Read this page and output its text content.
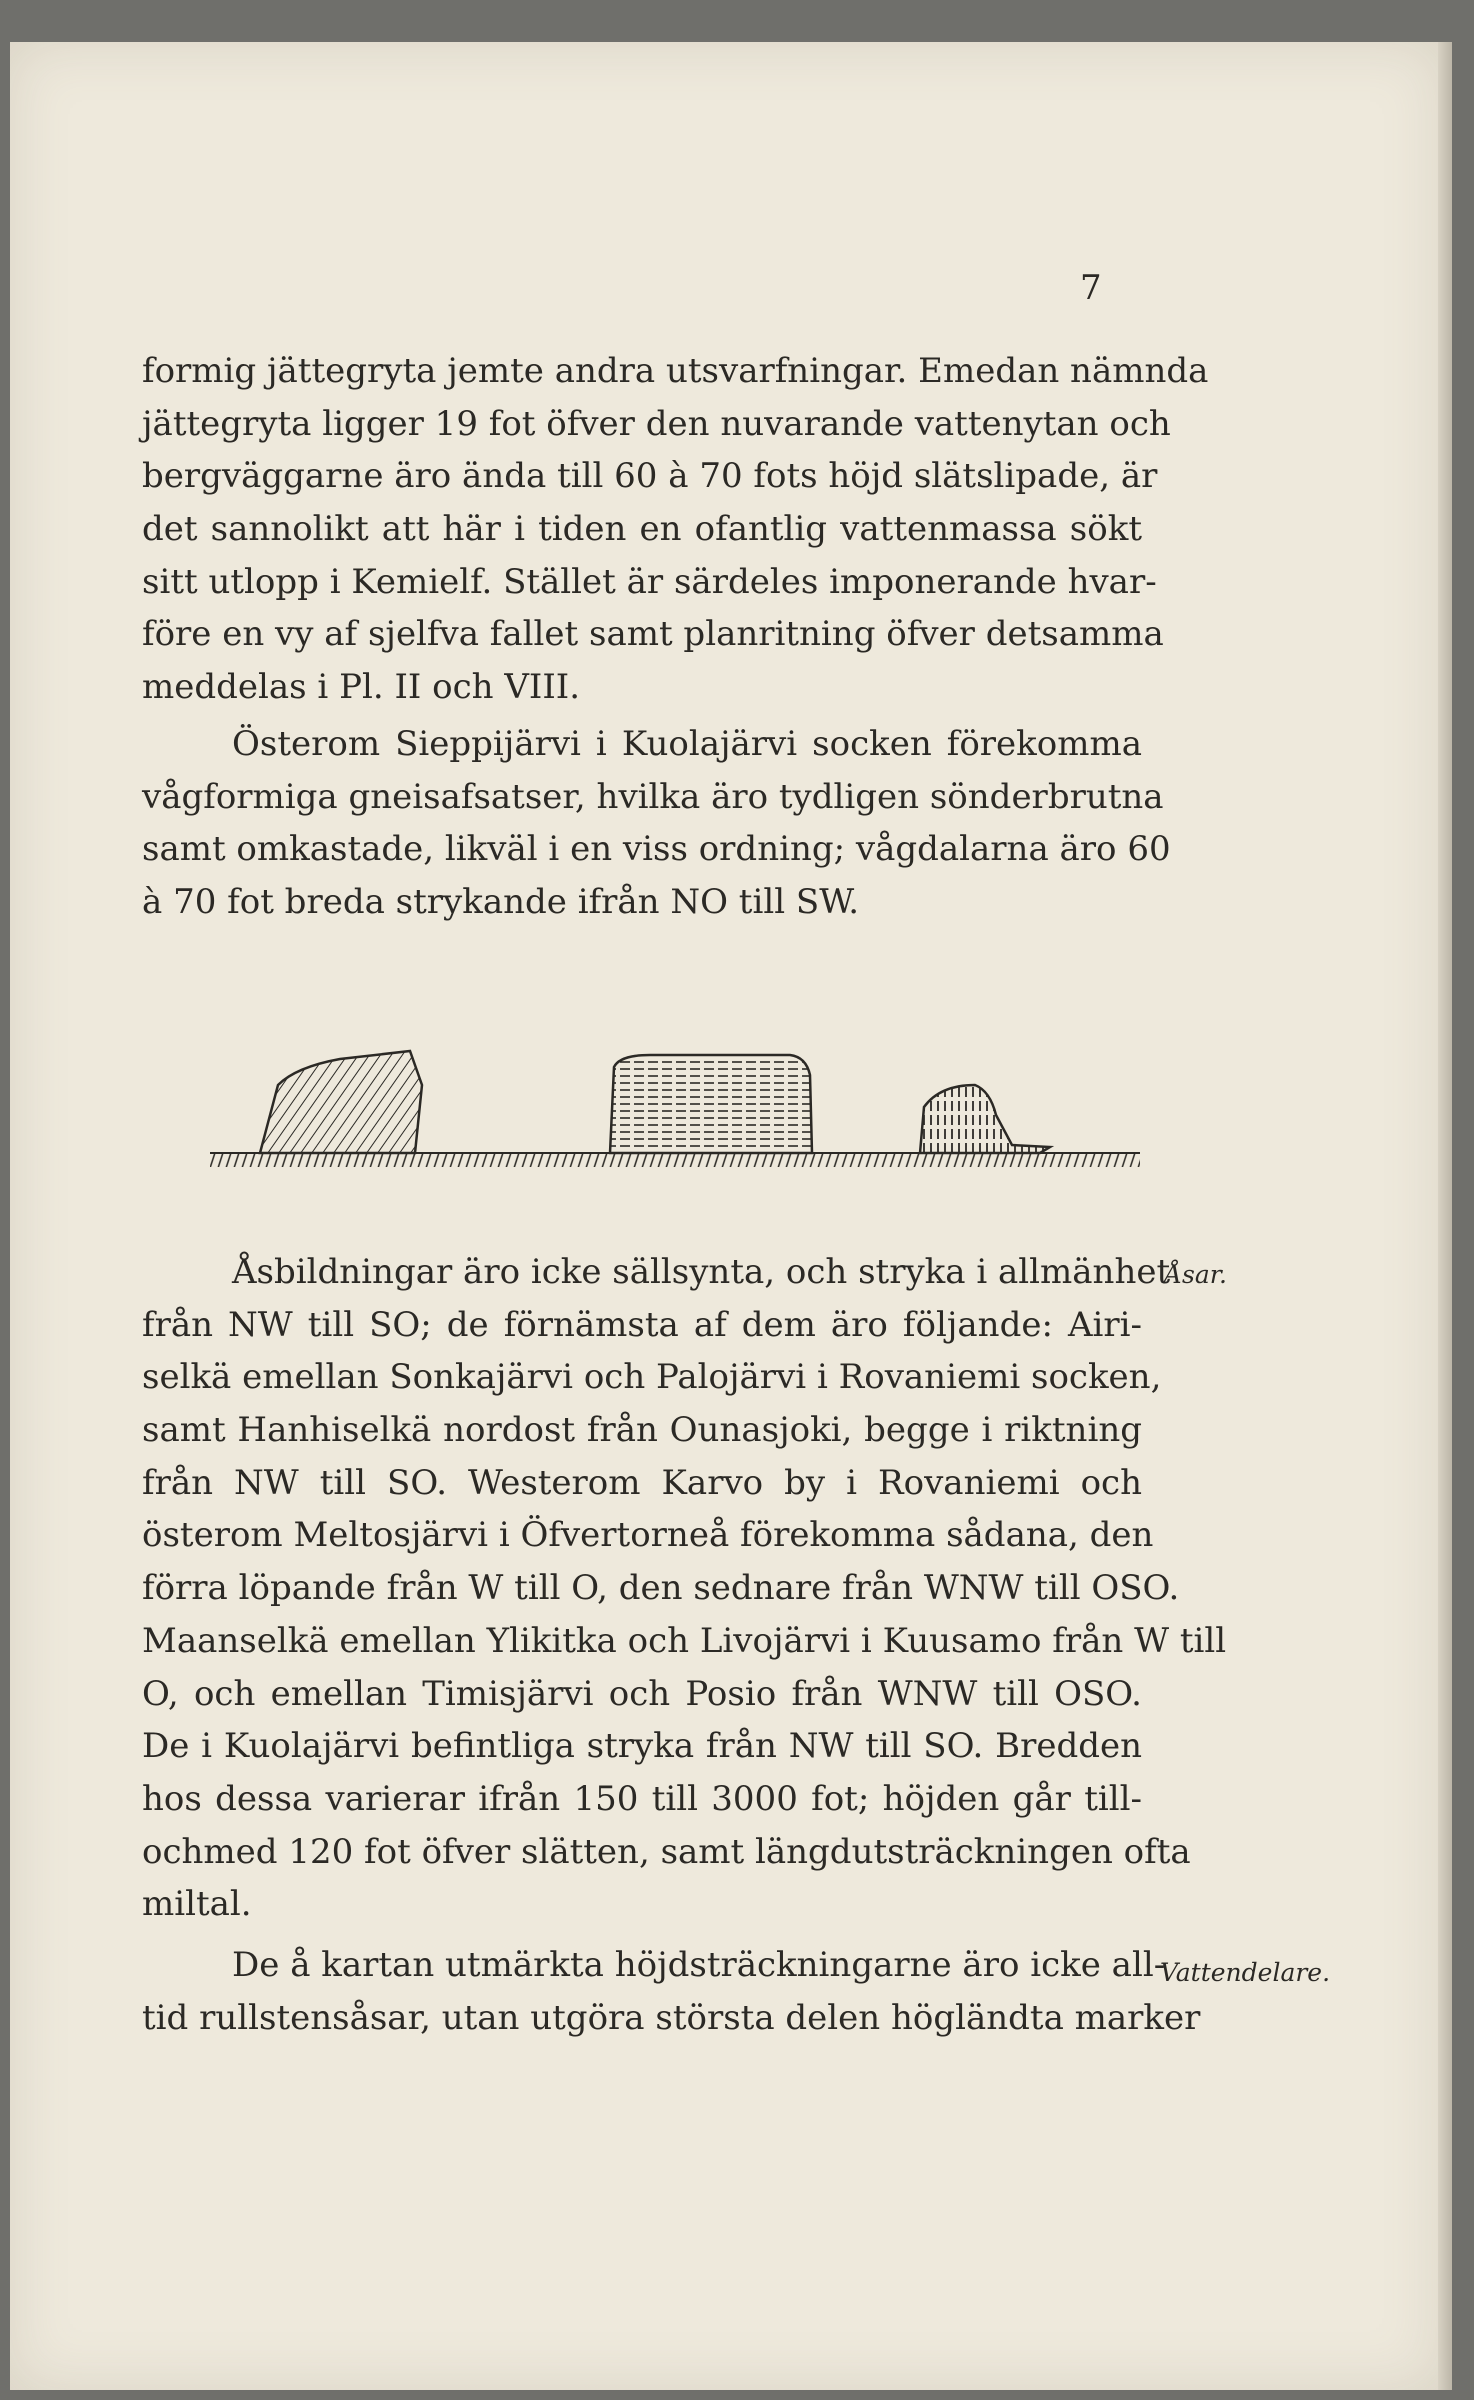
7
formig jättegryta jemte andra utsvarfningar. Emedan nämnda
jättegryta ligger 19 fot öfver den nuvarande vattenytan och
bergväggarne äro ända till 60 à 70 fots höjd slätslipade, är
det sannolikt att här i tiden en ofantlig vattenmassa sökt
sitt utlopp i Kemielf. Stället är särdeles imponerande hvar-
före en vy af sjelfva fallet samt planritning öfver detsamma
meddelas i Pl. II och VIII.
Österom Sieppijärvi i Kuolajärvi socken förekomma
vågformiga gneisafsatser, hvilka äro tydligen sönderbrutna
samt omkastade, likväl i en viss ordning; vågdalarna äro 60
à 70 fot breda strykande ifrån NO till SW.
Åsbildningar äro icke sällsynta, och stryka i allmänhet
från NW till SO; de förnämsta af dem äro följande: Airi-
selkä emellan Sonkajärvi och Palojärvi i Rovaniemi socken,
samt Hanhiselkä nordost från Ounasjoki, begge i riktning
från NW till SO. Westerom Karvo by i Rovaniemi och
österom Meltosjärvi i Öfvertorneå förekomma sådana, den
förra löpande från W till O, den sednare från WNW till OSO.
Maanselkä emellan Ylikitka och Livojärvi i Kuusamo från W till
O, och emellan Timisjärvi och Posio från WNW till OSO.
De i Kuolajärvi befintliga stryka från NW till SO. Bredden
hos dessa varierar ifrån 150 till 3000 fot; höjden går till-
ochmed 120 fot öfver slätten, samt längdutsträckningen ofta
miltal.
De å kartan utmärkta höjdsträckningarne äro icke all-
tid rullstensåsar, utan utgöra största delen högländta marker
Åsar.
Vattendelare.
